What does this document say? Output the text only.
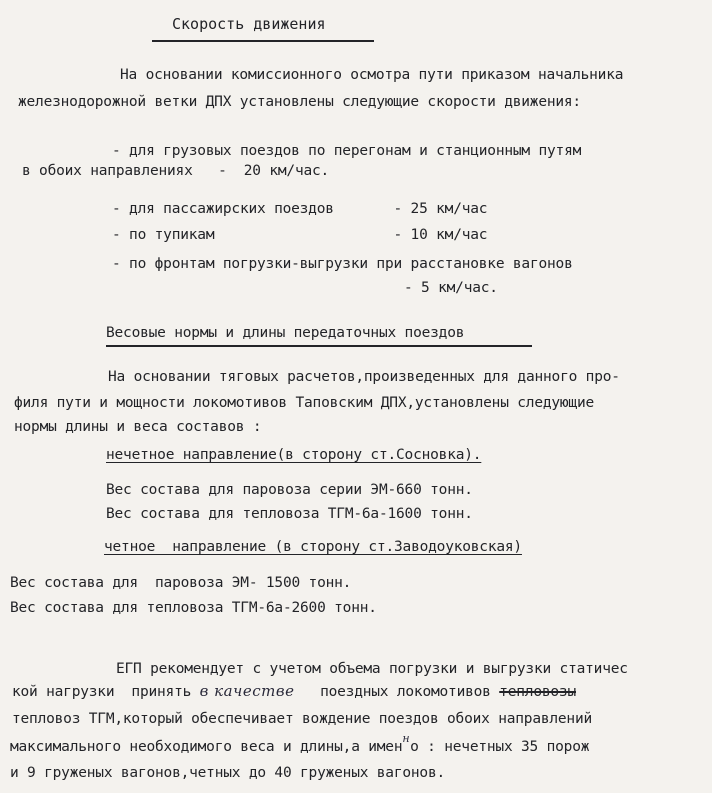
Скорость движения
На основании комиссионного осмотра пути приказом начальника
железнодорожной ветки ДПХ установлены следующие скорости движения:
- для грузовых поездов по перегонам и станционным путям
в обоих направлениях   -  20 км/час.
- для пассажирских поездов       - 25 км/час
- по тупикам                     - 10 км/час
- по фронтам погрузки-выгрузки при расстановке вагонов
- 5 км/час.
Весовые нормы и длины передаточных поездов
На основании тяговых расчетов,произведенных для данного про-
филя пути и мощности локомотивов Таповским ДПХ,установлены следующие
нормы длины и веса составов :
нечетное направление(в сторону ст.Сосновка).
Вес состава для паровоза серии ЭМ-660 тонн.
Вес состава для тепловоза ТГМ-6а-1600 тонн.
четное  направление (в сторону ст.Заводоуковская)
Вес состава для  паровоза ЭМ- 1500 тонн.
Вес состава для тепловоза ТГМ-6а-2600 тонн.
ЕГП рекомендует с учетом объема погрузки и выгрузки статичес
кой нагрузки  принять в качестве   поездных локомотивов тепловозы
тепловоз ТГМ,который обеспечивает вождение поездов обоих направлений
максимального необходимого веса и длины,а имен$^н$о : нечетных 35 порож
и 9 груженых вагонов,четных до 40 груженых вагонов.
